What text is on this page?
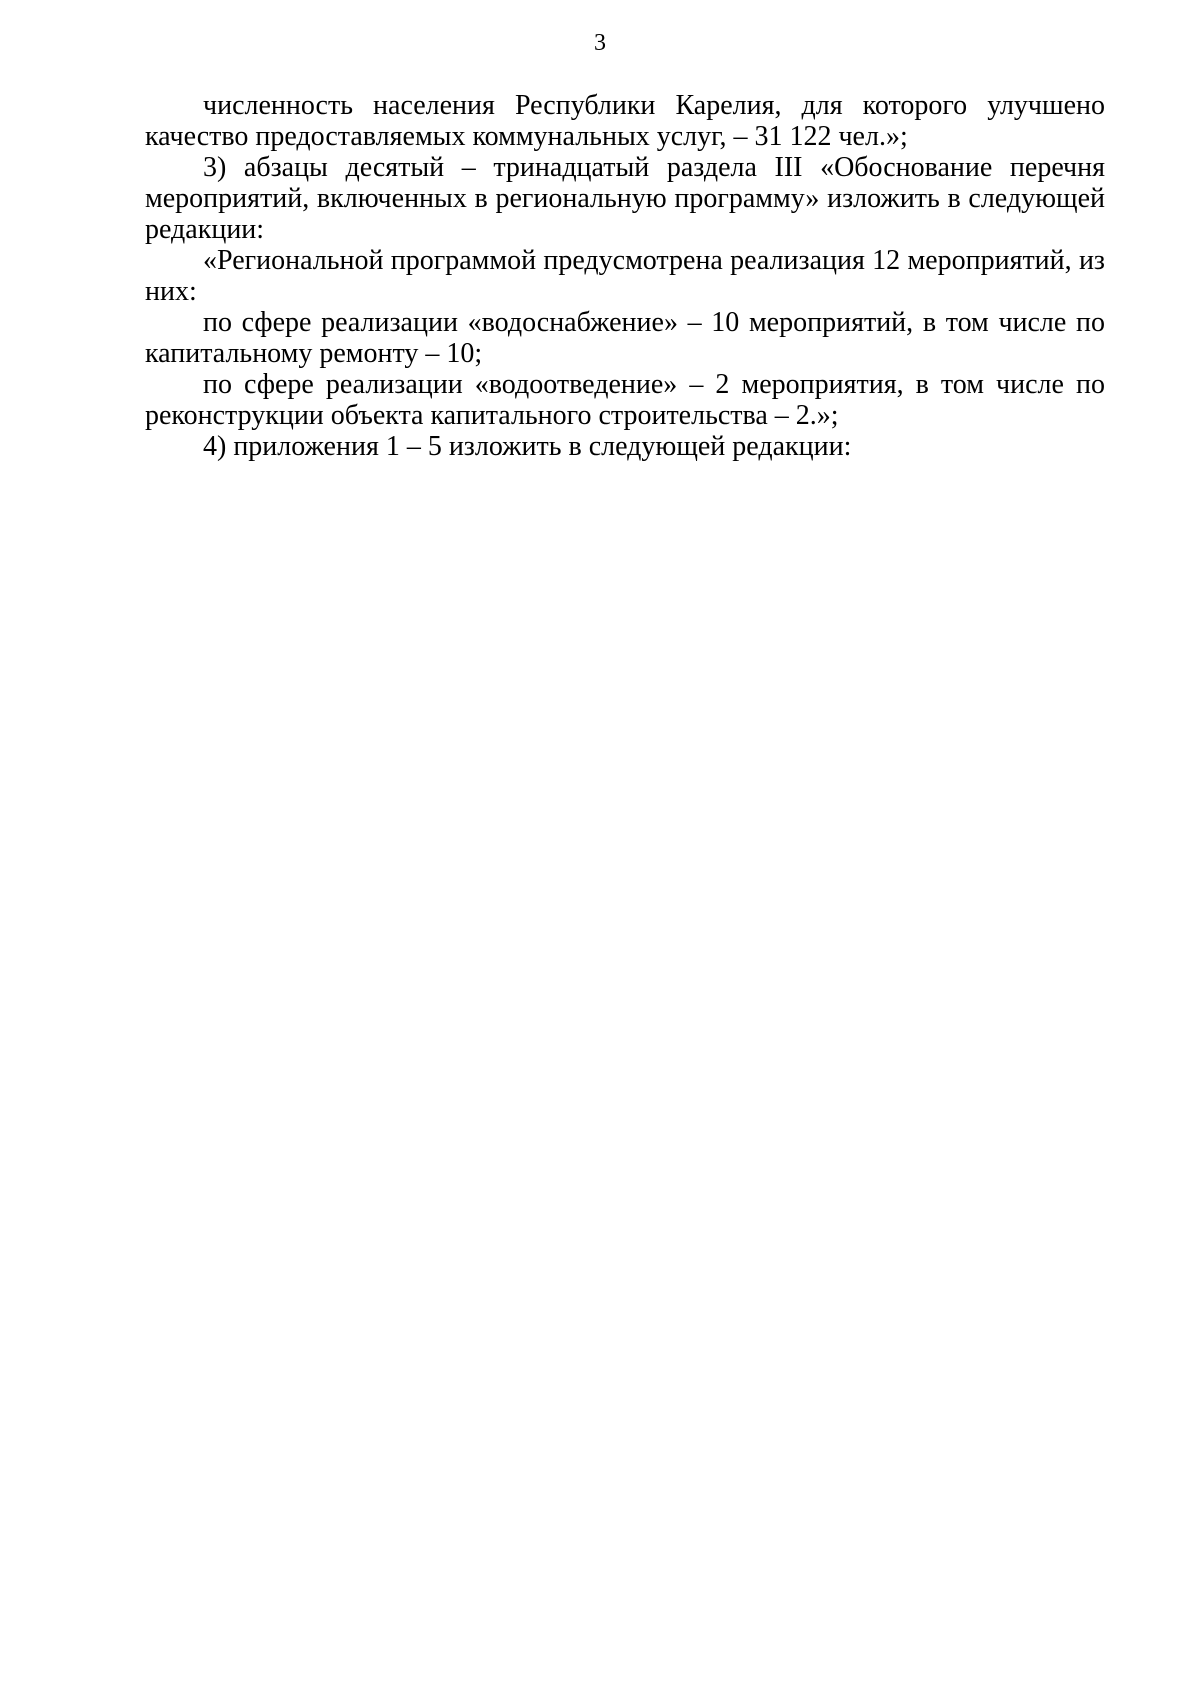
3

численность населения Республики Карелия, для которого улучшено качество предоставляемых коммунальных услуг, – 31 122 чел.»;

3) абзацы десятый – тринадцатый раздела III «Обоснование перечня мероприятий, включенных в региональную программу» изложить в следующей редакции:

«Региональной программой предусмотрена реализация 12 мероприятий, из них:

по сфере реализации «водоснабжение» – 10 мероприятий, в том числе по капитальному ремонту – 10;

по сфере реализации «водоотведение» – 2 мероприятия, в том числе по реконструкции объекта капитального строительства – 2.»;

4) приложения 1 – 5 изложить в следующей редакции:
